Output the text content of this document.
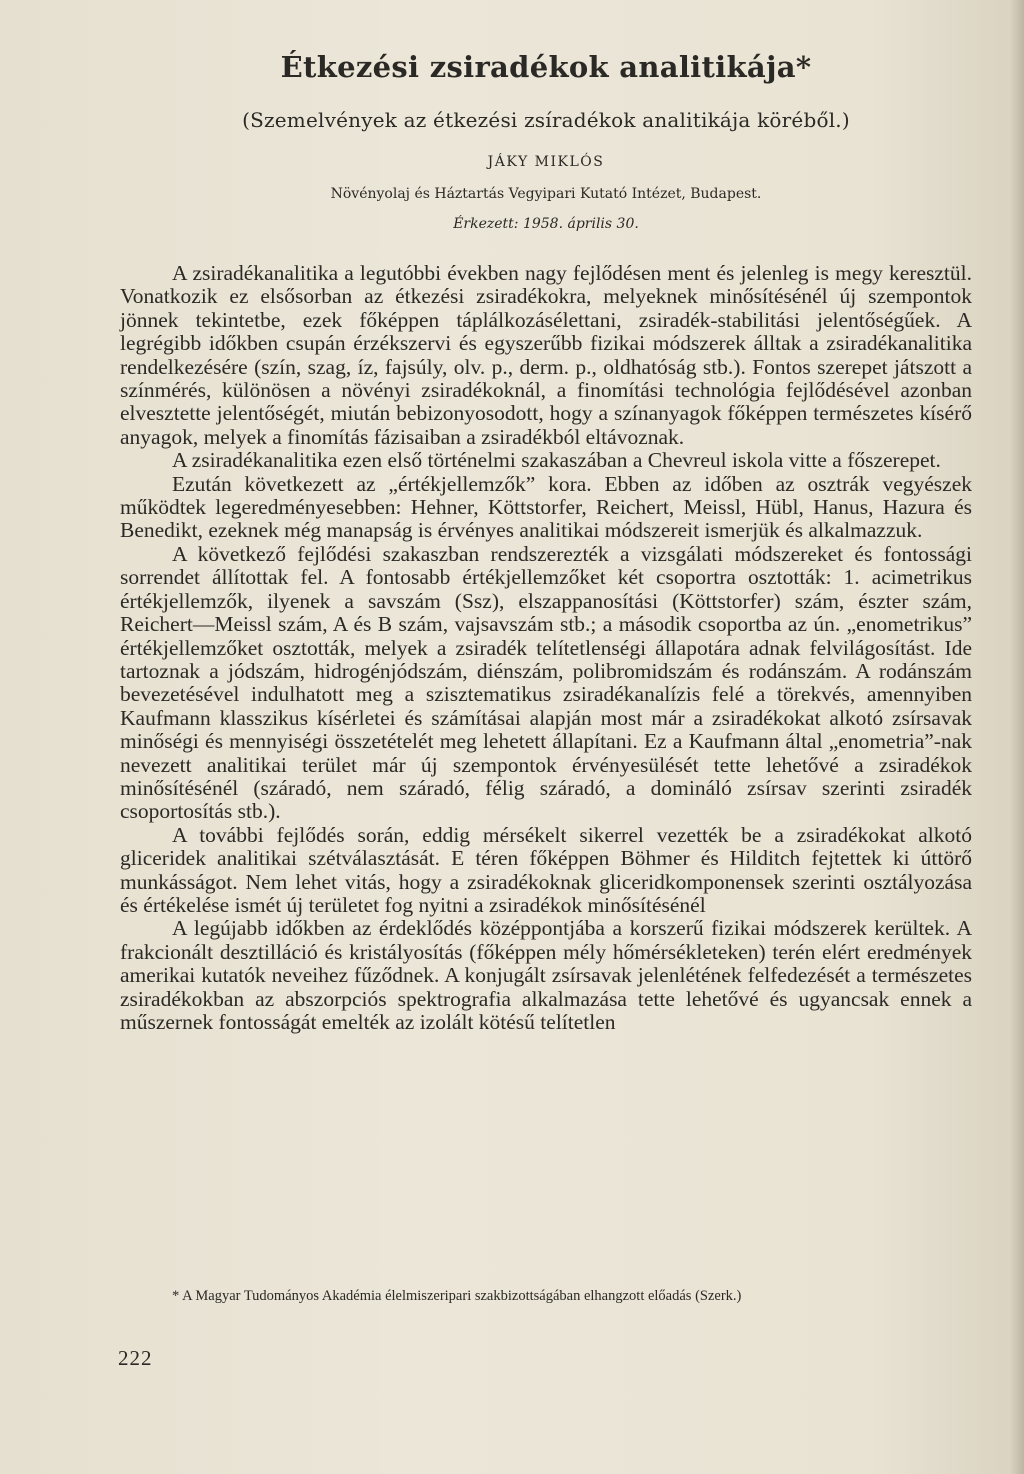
Étkezési zsiradékok analitikája*
(Szemelvények az étkezési zsíradékok analitikája köréből.)
JÁKY MIKLÓS
Növényolaj és Háztartás Vegyipari Kutató Intézet, Budapest.
Érkezett: 1958. április 30.

A zsiradékanalitika a legutóbbi években nagy fejlődésen ment és jelenleg is megy keresztül. Vonatkozik ez elsősorban az étkezési zsiradékokra, melyeknek minősítésénél új szempontok jönnek tekintetbe, ezek főképpen táplálkozásélettani, zsiradék-stabilitási jelentőségűek. A legrégibb időkben csupán érzékszervi és egyszerűbb fizikai módszerek álltak a zsiradékanalitika rendelkezésére (szín, szag, íz, fajsúly, olv. p., derm. p., oldhatóság stb.). Fontos szerepet játszott a színmérés, különösen a növényi zsiradékoknál, a finomítási technológia fejlődésével azonban elvesztette jelentőségét, miután bebizonyosodott, hogy a színanyagok főképpen természetes kísérő anyagok, melyek a finomítás fázisaiban a zsiradékból eltávoznak.

A zsiradékanalitika ezen első történelmi szakaszában a Chevreul iskola vitte a főszerepet.

Ezután következett az „értékjellemzők” kora. Ebben az időben az osztrák vegyészek működtek legeredményesebben: Hehner, Köttstorfer, Reichert, Meissl, Hübl, Hanus, Hazura és Benedikt, ezeknek még manapság is érvényes analitikai módszereit ismerjük és alkalmazzuk.

A következő fejlődési szakaszban rendszerezték a vizsgálati módszereket és fontossági sorrendet állítottak fel. A fontosabb értékjellemzőket két csoportra osztották: 1. acimetrikus értékjellemzők, ilyenek a savszám (Ssz), elszappanosítási (Köttstorfer) szám, észter szám, Reichert—Meissl szám, A és B szám, vajsavszám stb.; a második csoportba az ún. „enometrikus” értékjellemzőket osztották, melyek a zsiradék telítetlenségi állapotára adnak felvilágosítást. Ide tartoznak a jódszám, hidrogénjódszám, diénszám, polibromidszám és rodánszám. A rodánszám bevezetésével indulhatott meg a szisztematikus zsiradékanalízis felé a törekvés, amennyiben Kaufmann klasszikus kísérletei és számításai alapján most már a zsiradékokat alkotó zsírsavak minőségi és mennyiségi összetételét meg lehetett állapítani. Ez a Kaufmann által „enometria”-nak nevezett analitikai terület már új szempontok érvényesülését tette lehetővé a zsiradékok minősítésénél (száradó, nem száradó, félig száradó, a domináló zsírsav szerinti zsiradék csoportosítás stb.).

A további fejlődés során, eddig mérsékelt sikerrel vezették be a zsiradékokat alkotó gliceridek analitikai szétválasztását. E téren főképpen Böhmer és Hilditch fejtettek ki úttörő munkásságot. Nem lehet vitás, hogy a zsiradékoknak gliceridkomponensek szerinti osztályozása és értékelése ismét új területet fog nyitni a zsiradékok minősítésénél

A legújabb időkben az érdeklődés középpontjába a korszerű fizikai módszerek kerültek. A frakcionált desztilláció és kristályosítás (főképpen mély hőmérsékleteken) terén elért eredmények amerikai kutatók neveihez fűződnek. A konjugált zsírsavak jelenlétének felfedezését a természetes zsiradékokban az abszorpciós spektrografia alkalmazása tette lehetővé és ugyancsak ennek a műszernek fontosságát emelték az izolált kötésű telítetlen

* A Magyar Tudományos Akadémia élelmiszeripari szakbizottságában elhangzott előadás (Szerk.)
222
